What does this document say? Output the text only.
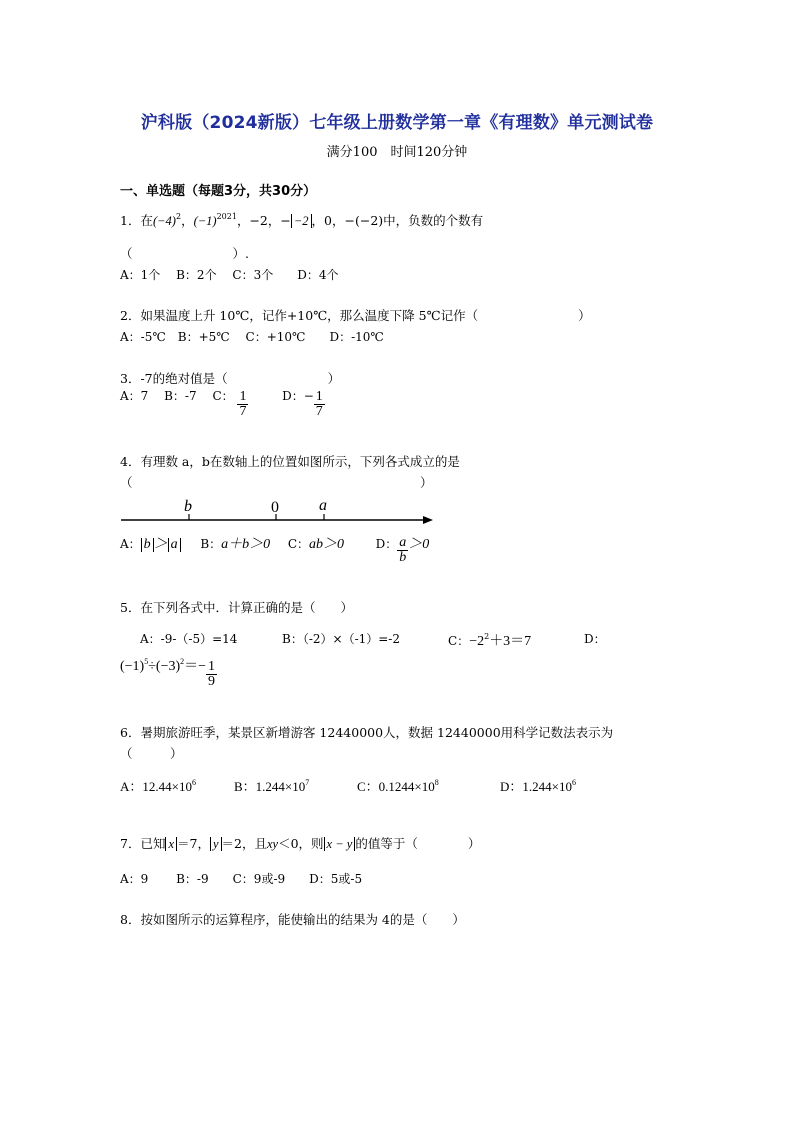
沪科版（2024新版）七年级上册数学第一章《有理数》单元测试卷
满分100　时间120分钟
一、单选题（每题3分，共30分）
1．在$(-4)^2$，$(-1)^{2021}$，−2，− −2 ，0，−(−2)中，负数的个数有
（　　　　　　　　）.
A：1个　 B：2个　 C：3个　　D：4个
2．如果温度上升 10℃，记作+10℃，那么温度下降 5℃记作（　　　　　　　　）
A：-5℃　B：+5℃　 C：+10℃　　D：-10℃
3．-7的绝对值是（　　　　　　　　）
A：7　 B：-7　 C： $\frac{1}{7}$	D：− $\frac{1}{7}$
4．有理数 a，b在数轴上的位置如图所示，下列各式成立的是
（　　　　　　　　　　　　　　　　　　　　　　　）
b	0	a
A： b ＞ a B：a＋b＞0 C：ab＞0	D： $\frac{a}{b} >0$
5．在下列各式中．计算正确的是（　　）
A：-9-（-5）=14	B：（-2）×（-1）=-2	C：$-2^2+3=7$	D：
$(-1)^5\div(-3)^2=- \frac{1}{9}$
6．暑期旅游旺季，某景区新增游客 12440000人，数据 12440000用科学记数法表示为
（　　　）
A：$12.44\times 10^6$	B：$1.244\times 10^7$	C：$0.1244\times 10^8$	D：$1.244\times 10^6$
7．已知 x ＝7， y ＝2，且xy＜0，则 x − y 的值等于（　　　　）
A：9　　 B：-9　　C：9或-9　　D：5或-5
8．按如图所示的运算程序，能使输出的结果为 4的是（　　）
